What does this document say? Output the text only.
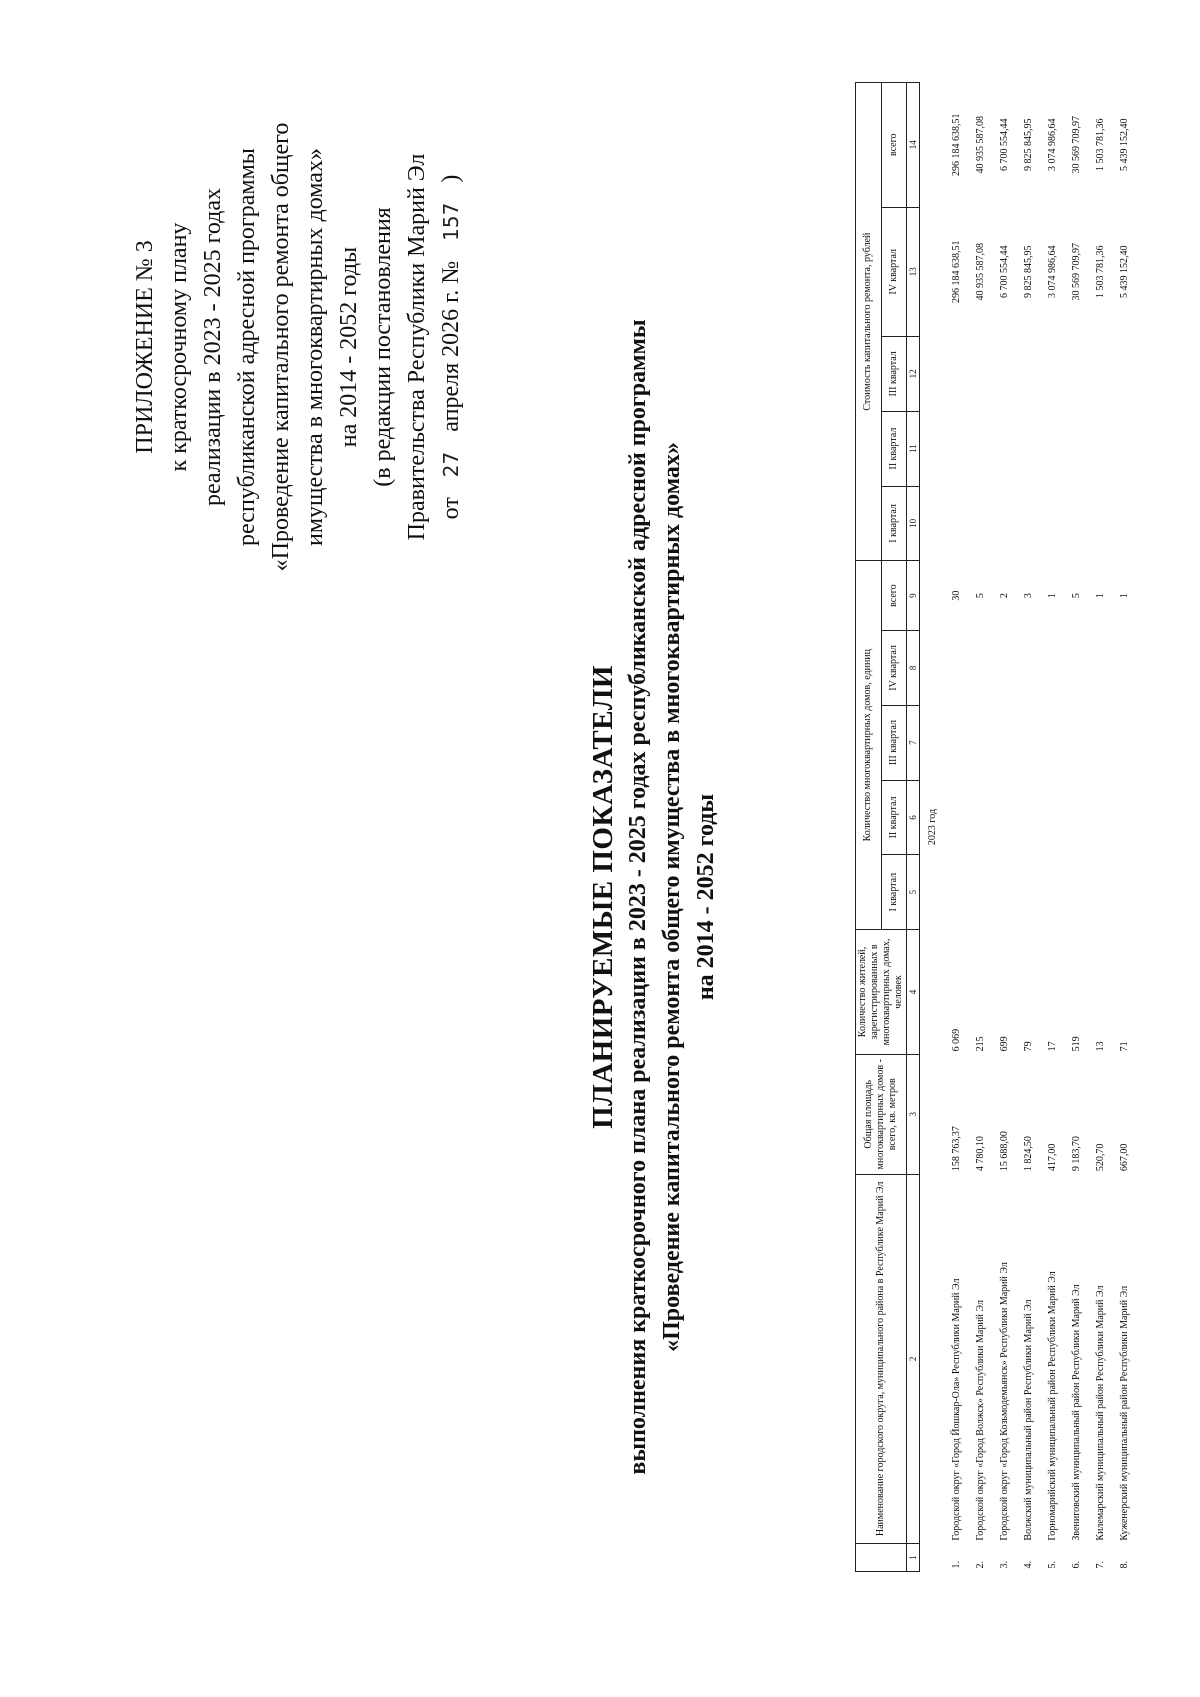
ПРИЛОЖЕНИЕ № 3 к краткосрочному плану реализации в 2023 - 2025 годах республиканской адресной программы «Проведение капитального ремонта общего имущества в многоквартирных домах» на 2014 - 2052 годы (в редакции постановления Правительства Республики Марий Эл от 27 апреля 2026 г. № 157 )
ПЛАНИРУЕМЫЕ ПОКАЗАТЕЛИ выполнения краткосрочного плана реализации в 2023 - 2025 годах республиканской адресной программы «Проведение капитального ремонта общего имущества в многоквартирных домах» на 2014 - 2052 годы
	Наименование городского округа, муниципального района в Республике Марий Эл	Общая площадь многоквартирных домов - всего, кв. метров	Количество жителей, зарегистрированных в многоквартирных домах, человек	Количество многоквартирных домов, единиц					Стоимость капитального ремонта, рублей				
				I квартал	II квартал	III квартал	IV квартал	всего	I квартал	II квартал	III квартал	IV квартал	всего
1	2	3	4	5	6	7	8	9	10	11	12	13	14
2023 год													
1.	Городской округ «Город Йошкар-Ола» Республики Марий Эл	158 763,37	6 069					30				296 184 638,51	296 184 638,51
2.	Городской округ «Город Волжск» Республики Марий Эл	4 780,10	215					5				40 935 587,08	40 935 587,08
3.	Городской округ «Город Козьмодемьянск» Республики Марий Эл	15 688,00	699					2				6 700 554,44	6 700 554,44
4.	Волжский муниципальный район Республики Марий Эл	1 824,50	79					3				9 825 845,95	9 825 845,95
5.	Горномарийский муниципальный район Республики Марий Эл	417,00	17					1				3 074 986,64	3 074 986,64
6.	Звениговский муниципальный район Республики Марий Эл	9 183,70	519					5				30 569 709,97	30 569 709,97
7.	Килемарский муниципальный район Республики Марий Эл	520,70	13					1				1 503 781,36	1 503 781,36
8.	Куженерский муниципальный район Республики Марий Эл	667,00	71					1				5 439 152,40	5 439 152,40
